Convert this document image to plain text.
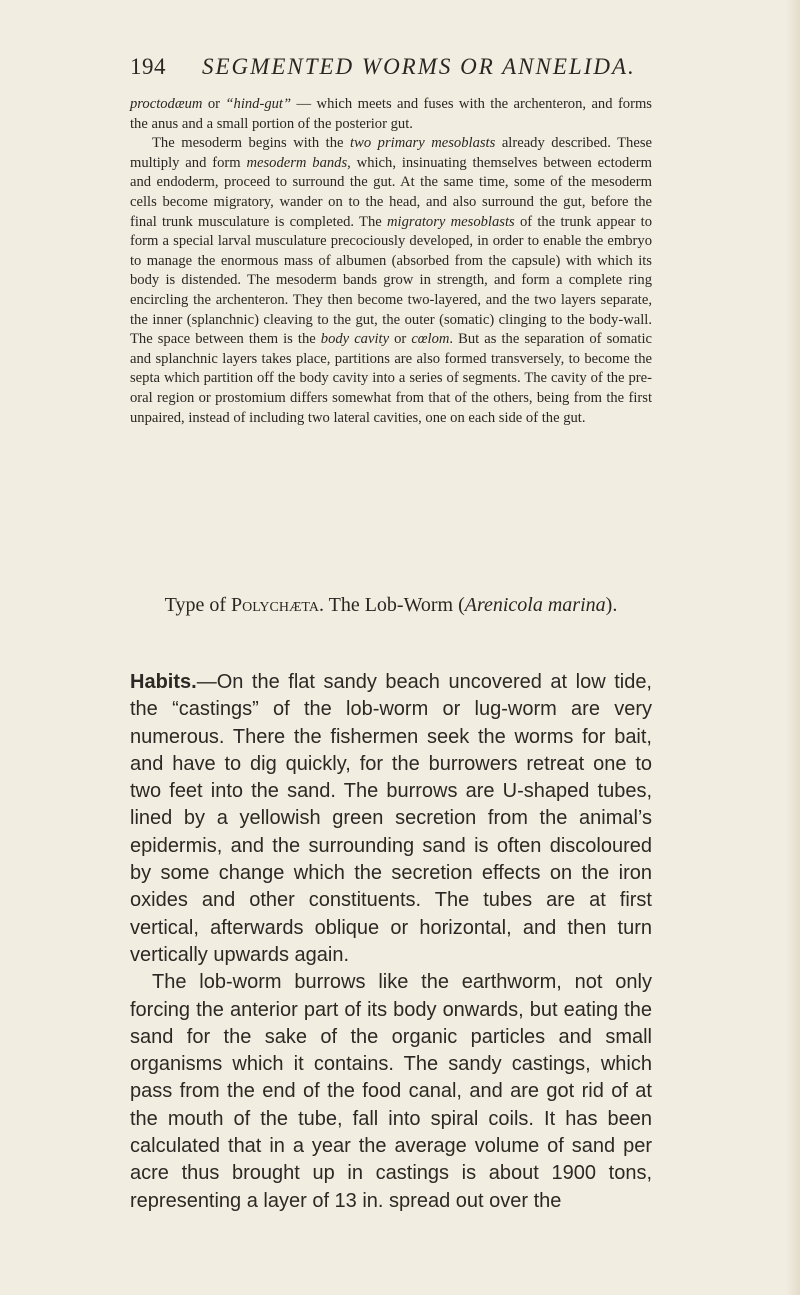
194 SEGMENTED WORMS OR ANNELIDA.

proctodæum or “hind-gut” — which meets and fuses with the archenteron, and forms the anus and a small portion of the posterior gut.

The mesoderm begins with the two primary mesoblasts already described. These multiply and form mesoderm bands, which, insinuating themselves between ectoderm and endoderm, proceed to surround the gut. At the same time, some of the mesoderm cells become migratory, wander on to the head, and also surround the gut, before the final trunk musculature is completed. The migratory mesoblasts of the trunk appear to form a special larval musculature precociously developed, in order to enable the embryo to manage the enormous mass of albumen (absorbed from the capsule) with which its body is distended. The mesoderm bands grow in strength, and form a complete ring encircling the archenteron. They then become two-layered, and the two layers separate, the inner (splanchnic) cleaving to the gut, the outer (somatic) clinging to the body-wall. The space between them is the body cavity or cœlom. But as the separation of somatic and splanchnic layers takes place, partitions are also formed transversely, to become the septa which partition off the body cavity into a series of segments. The cavity of the pre-oral region or prostomium differs somewhat from that of the others, being from the first unpaired, instead of including two lateral cavities, one on each side of the gut.

Type of Polychæta. The Lob-Worm (Arenicola marina).

Habits.—On the flat sandy beach uncovered at low tide, the “castings” of the lob-worm or lug-worm are very numerous. There the fishermen seek the worms for bait, and have to dig quickly, for the burrowers retreat one to two feet into the sand. The burrows are U-shaped tubes, lined by a yellowish green secretion from the animal’s epidermis, and the surrounding sand is often discoloured by some change which the secretion effects on the iron oxides and other constituents. The tubes are at first vertical, afterwards oblique or horizontal, and then turn vertically upwards again.

The lob-worm burrows like the earthworm, not only forcing the anterior part of its body onwards, but eating the sand for the sake of the organic particles and small organisms which it contains. The sandy castings, which pass from the end of the food canal, and are got rid of at the mouth of the tube, fall into spiral coils. It has been calculated that in a year the average volume of sand per acre thus brought up in castings is about 1900 tons, representing a layer of 13 in. spread out over the
